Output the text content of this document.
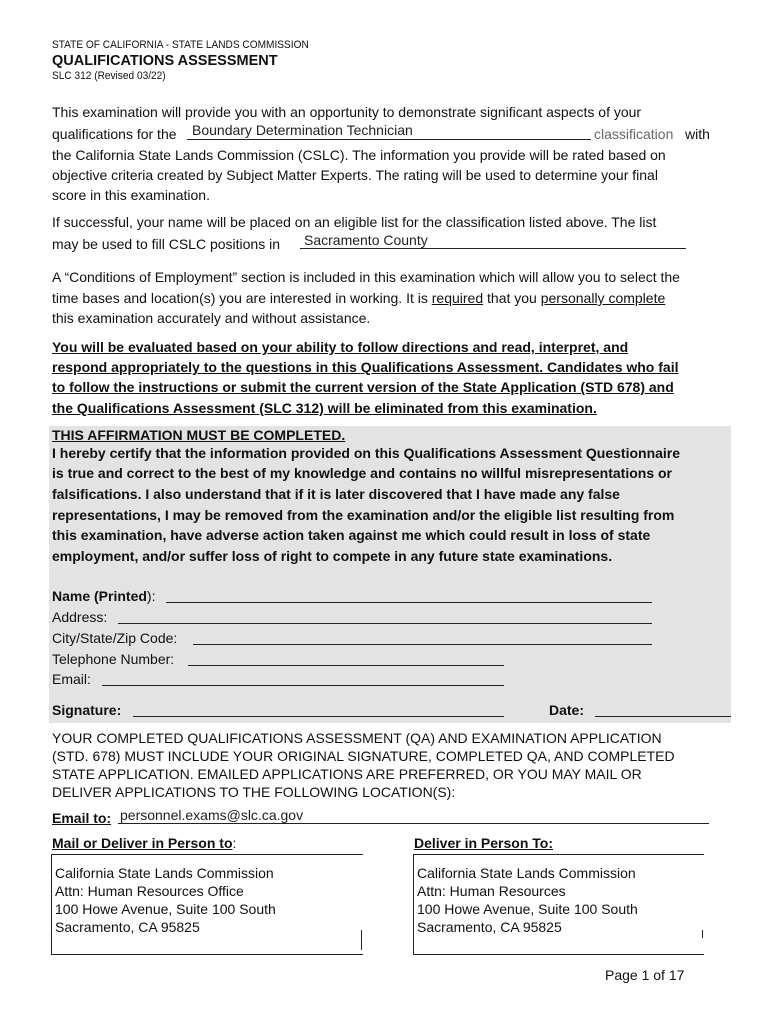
STATE OF CALIFORNIA - STATE LANDS COMMISSION
QUALIFICATIONS ASSESSMENT
SLC 312 (Revised 03/22)
This examination will provide you with an opportunity to demonstrate significant aspects of your
qualifications for the Boundary Determination Technician	classification with
the California State Lands Commission (CSLC). The information you provide will be rated based on
objective criteria created by Subject Matter Experts. The rating will be used to determine your final
score in this examination.
If successful, your name will be placed on an eligible list for the classification listed above. The list
may be used to fill CSLC positions in Sacramento County
A “Conditions of Employment” section is included in this examination which will allow you to select the
time bases and location(s) you are interested in working. It is required that you personally complete
this examination accurately and without assistance.
You will be evaluated based on your ability to follow directions and read, interpret, and
respond appropriately to the questions in this Qualifications Assessment. Candidates who fail
to follow the instructions or submit the current version of the State Application (STD 678) and
the Qualifications Assessment (SLC 312) will be eliminated from this examination.
THIS AFFIRMATION MUST BE COMPLETED.
I hereby certify that the information provided on this Qualifications Assessment Questionnaire
is true and correct to the best of my knowledge and contains no willful misrepresentations or
falsifications. I also understand that if it is later discovered that I have made any false
representations, I may be removed from the examination and/or the eligible list resulting from
this examination, have adverse action taken against me which could result in loss of state
employment, and/or suffer loss of right to compete in any future state examinations.
Name (Printed):
Address:
City/State/Zip Code:
Telephone Number:
Email:
Signature:	Date:
YOUR COMPLETED QUALIFICATIONS ASSESSMENT (QA) AND EXAMINATION APPLICATION
(STD. 678) MUST INCLUDE YOUR ORIGINAL SIGNATURE, COMPLETED QA, AND COMPLETED
STATE APPLICATION. EMAILED APPLICATIONS ARE PREFERRED, OR YOU MAY MAIL OR
DELIVER APPLICATIONS TO THE FOLLOWING LOCATION(S):
Email to: personnel.exams@slc.ca.gov
Mail or Deliver in Person to:	Deliver in Person To:
California State Lands Commission
Attn: Human Resources Office
100 Howe Avenue, Suite 100 South
Sacramento, CA 95825
California State Lands Commission
Attn: Human Resources
100 Howe Avenue, Suite 100 South
Sacramento, CA 95825
Page 1 of 17
